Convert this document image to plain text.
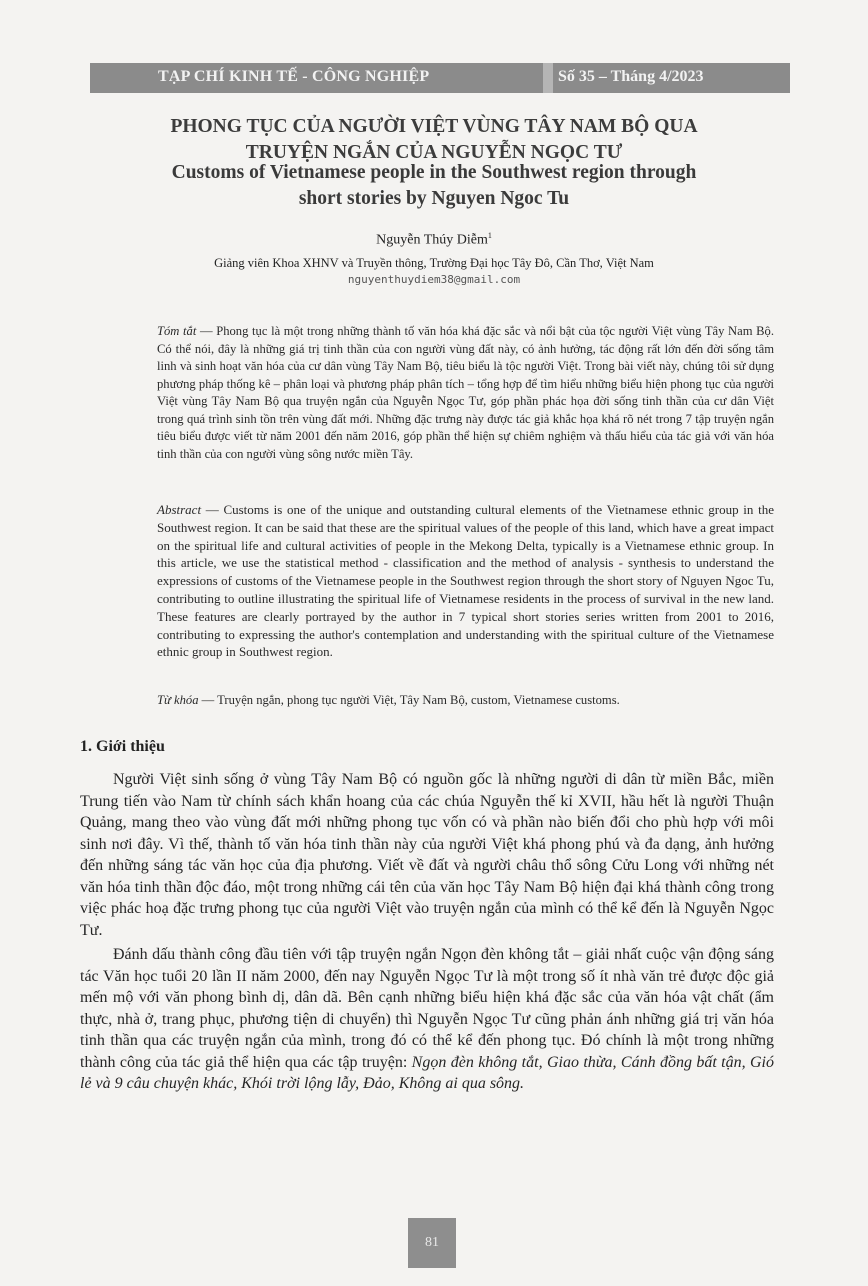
TẠP CHÍ KINH TẾ - CÔNG NGHIỆP	Số 35 – Tháng 4/2023
PHONG TỤC CỦA NGƯỜI VIỆT VÙNG TÂY NAM BỘ QUA
TRUYỆN NGẮN CỦA NGUYỄN NGỌC TƯ
Customs of Vietnamese people in the Southwest region through
short stories by Nguyen Ngoc Tu
Nguyễn Thúy Diễm$^1$
Giảng viên Khoa XHNV và Truyền thông, Trường Đại học Tây Đô, Cần Thơ, Việt Nam
nguyenthuydiem38@gmail.com
Tóm tắt — Phong tục là một trong những thành tố văn hóa khá đặc sắc và nổi bật của tộc người Việt vùng Tây Nam Bộ. Có thể nói, đây là những giá trị tinh thần của con người vùng đất này, có ảnh hưởng, tác động rất lớn đến đời sống tâm linh và sinh hoạt văn hóa của cư dân vùng Tây Nam Bộ, tiêu biểu là tộc người Việt. Trong bài viết này, chúng tôi sử dụng phương pháp thống kê – phân loại và phương pháp phân tích – tổng hợp để tìm hiểu những biểu hiện phong tục của người Việt vùng Tây Nam Bộ qua truyện ngắn của Nguyễn Ngọc Tư, góp phần phác họa đời sống tinh thần của cư dân Việt trong quá trình sinh tồn trên vùng đất mới. Những đặc trưng này được tác giả khắc họa khá rõ nét trong 7 tập truyện ngắn tiêu biểu được viết từ năm 2001 đến năm 2016, góp phần thể hiện sự chiêm nghiệm và thấu hiểu của tác giả với văn hóa tinh thần của con người vùng sông nước miền Tây.
Abstract — Customs is one of the unique and outstanding cultural elements of the Vietnamese ethnic group in the Southwest region. It can be said that these are the spiritual values of the people of this land, which have a great impact on the spiritual life and cultural activities of people in the Mekong Delta, typically is a Vietnamese ethnic group. In this article, we use the statistical method - classification and the method of analysis - synthesis to understand the expressions of customs of the Vietnamese people in the Southwest region through the short story of Nguyen Ngoc Tu, contributing to outline illustrating the spiritual life of Vietnamese residents in the process of survival in the new land. These features are clearly portrayed by the author in 7 typical short stories series written from 2001 to 2016, contributing to expressing the author's contemplation and understanding with the spiritual culture of the Vietnamese ethnic group in Southwest region.
Từ khóa — Truyện ngắn, phong tục người Việt, Tây Nam Bộ, custom, Vietnamese customs.
1. Giới thiệu

Người Việt sinh sống ở vùng Tây Nam Bộ có nguồn gốc là những người di dân từ miền Bắc, miền Trung tiến vào Nam từ chính sách khẩn hoang của các chúa Nguyễn thế kỉ XVII, hầu hết là người Thuận Quảng, mang theo vào vùng đất mới những phong tục vốn có và phần nào biến đổi cho phù hợp với môi sinh nơi đây. Vì thế, thành tố văn hóa tinh thần này của người Việt khá phong phú và đa dạng, ảnh hưởng đến những sáng tác văn học của địa phương. Viết về đất và người châu thổ sông Cửu Long với những nét văn hóa tinh thần độc đáo, một trong những cái tên của văn học Tây Nam Bộ hiện đại khá thành công trong việc phác hoạ đặc trưng phong tục của người Việt vào truyện ngắn của mình có thể kể đến là Nguyễn Ngọc Tư.

Đánh dấu thành công đầu tiên với tập truyện ngắn Ngọn đèn không tắt – giải nhất cuộc vận động sáng tác Văn học tuổi 20 lần II năm 2000, đến nay Nguyễn Ngọc Tư là một trong số ít nhà văn trẻ được độc giả mến mộ với văn phong bình dị, dân dã. Bên cạnh những biểu hiện khá đặc sắc của văn hóa vật chất (ẩm thực, nhà ở, trang phục, phương tiện di chuyển) thì Nguyễn Ngọc Tư cũng phản ánh những giá trị văn hóa tinh thần qua các truyện ngắn của mình, trong đó có thể kể đến phong tục. Đó chính là một trong những thành công của tác giả thể hiện qua các tập truyện: Ngọn đèn không tắt, Giao thừa, Cánh đồng bất tận, Gió lẻ và 9 câu chuyện khác, Khói trời lộng lẫy, Đảo, Không ai qua sông.

81
